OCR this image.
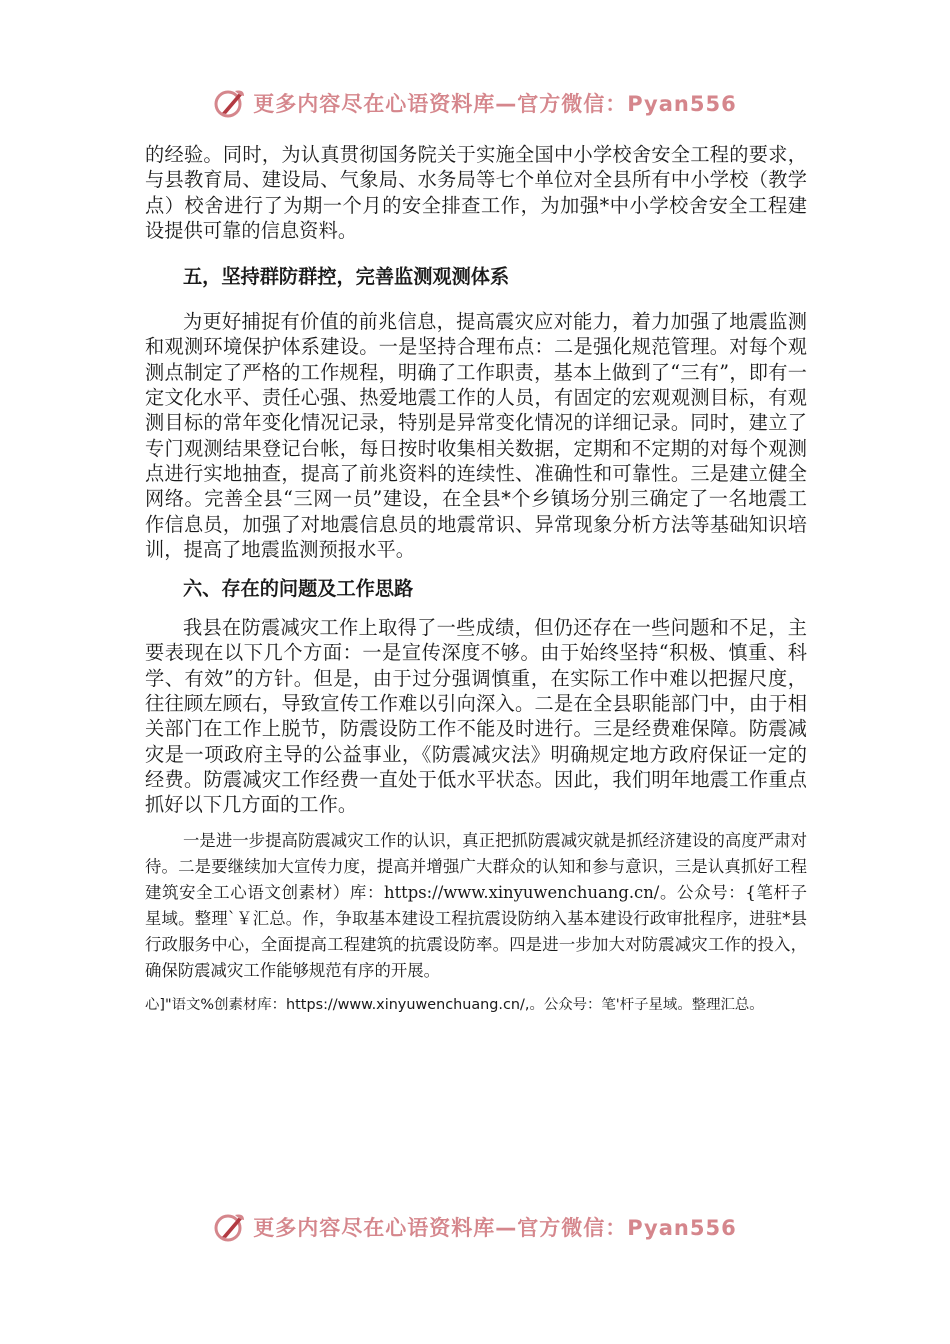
更多内容尽在心语资料库—官方微信：Pyan556

的经验。同时，为认真贯彻国务院关于实施全国中小学校舍安全工程的要求，与县教育局、建设局、气象局、水务局等七个单位对全县所有中小学校（教学点）校舍进行了为期一个月的安全排查工作，为加强*中小学校舍安全工程建设提供可靠的信息资料。

五，坚持群防群控，完善监测观测体系

为更好捕捉有价值的前兆信息，提高震灾应对能力，着力加强了地震监测和观测环境保护体系建设。一是坚持合理布点：二是强化规范管理。对每个观测点制定了严格的工作规程，明确了工作职责，基本上做到了“三有”，即有一定文化水平、责任心强、热爱地震工作的人员，有固定的宏观观测目标，有观测目标的常年变化情况记录，特别是异常变化情况的详细记录。同时，建立了专门观测结果登记台帐，每日按时收集相关数据，定期和不定期的对每个观测点进行实地抽查，提高了前兆资料的连续性、准确性和可靠性。三是建立健全网络。完善全县“三网一员”建设，在全县*个乡镇场分别三确定了一名地震工作信息员，加强了对地震信息员的地震常识、异常现象分析方法等基础知识培训，提高了地震监测预报水平。

六、存在的问题及工作思路

我县在防震减灾工作上取得了一些成绩，但仍还存在一些问题和不足，主要表现在以下几个方面：一是宣传深度不够。由于始终坚持“积极、慎重、科学、有效”的方针。但是，由于过分强调慎重，在实际工作中难以把握尺度，往往顾左顾右，导致宣传工作难以引向深入。二是在全县职能部门中，由于相关部门在工作上脱节，防震设防工作不能及时进行。三是经费难保障。防震减灾是一项政府主导的公益事业，《防震减灾法》明确规定地方政府保证一定的经费。防震减灾工作经费一直处于低水平状态。因此，我们明年地震工作重点抓好以下几方面的工作。

一是进一步提高防震减灾工作的认识，真正把抓防震减灾就是抓经济建设的高度严肃对待。二是要继续加大宣传力度，提高并增强广大群众的认知和参与意识，三是认真抓好工程建筑安全工心语文创素材）库：https://www.xinyuwenchuang.cn/。公众号：{笔杆子星域。整理`￥汇总。作，争取基本建设工程抗震设防纳入基本建设行政审批程序，进驻*县行政服务中心，全面提高工程建筑的抗震设防率。四是进一步加大对防震减灾工作的投入，确保防震减灾工作能够规范有序的开展。

心]"语文%创素材库：https://www.xinyuwenchuang.cn/,。公众号：笔'杆子星域。整理汇总。

更多内容尽在心语资料库—官方微信：Pyan556
